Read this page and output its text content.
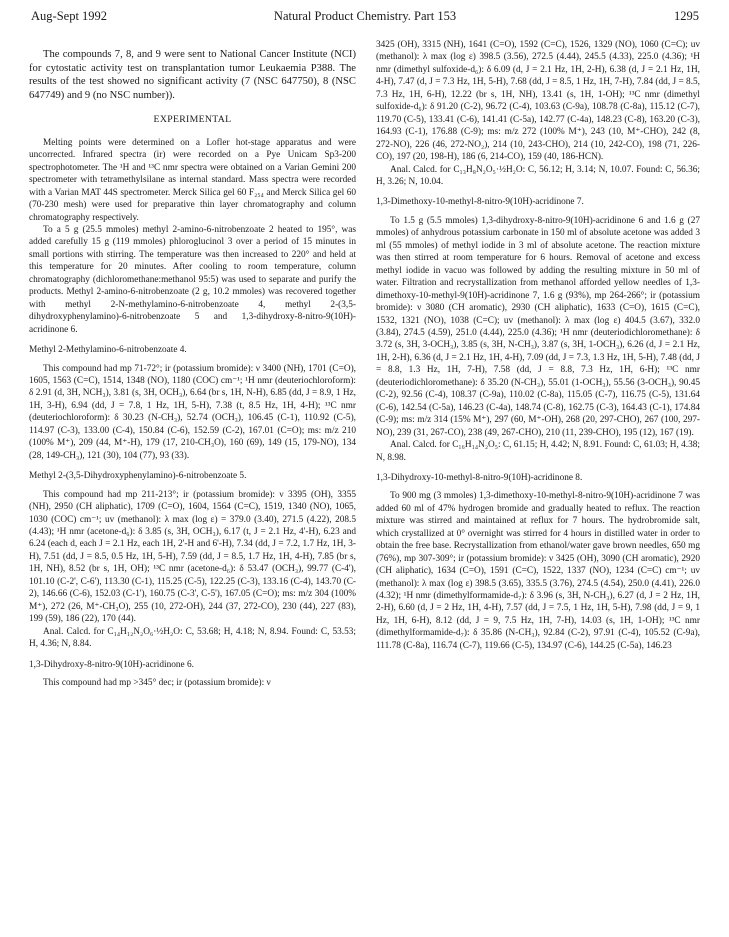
Aug-Sept 1992	Natural Product Chemistry. Part 153	1295

The compounds 7, 8, and 9 were sent to National Cancer Institute (NCI) for cytostatic activity test on transplantation tumor Leukaemia P388. The results of the test showed no significant activity (7 (NSC 647750), 8 (NSC 647749) and 9 (no NSC number)).

EXPERIMENTAL

Melting points were determined on a Lofler hot-stage apparatus and were uncorrected. Infrared spectra (ir) were recorded on a Pye Unicam Sp3-200 spectrophotometer. The ¹H and ¹³C nmr spectra were obtained on a Varian Gemini 200 spectrometer with tetramethylsilane as internal standard. Mass spectra were recorded with a Varian MAT 44S spectrometer. Merck Silica gel 60 F₂₅₄ and Merck Silica gel 60 (70-230 mesh) were used for preparative thin layer chromatography and column chromatography respectively.

To a 5 g (25.5 mmoles) methyl 2-amino-6-nitrobenzoate 2 heated to 195°, was added carefully 15 g (119 mmoles) phloroglucinol 3 over a period of 15 minutes in small portions with stirring. The temperature was then increased to 220° and held at this temperature for 20 minutes. After cooling to room temperature, column chromatography (dichloromethane:methanol 95:5) was used to separate and purify the products. Methyl 2-amino-6-nitrobenzoate (2 g, 10.2 mmoles) was recovered together with methyl 2-N-methylamino-6-nitrobenzoate 4, methyl 2-(3,5-dihydroxyphenylamino)-6-nitrobenzoate 5 and 1,3-dihydroxy-8-nitro-9(10H)-acridinone 6.

Methyl 2-Methylamino-6-nitrobenzoate 4.

This compound had mp 71-72°; ir (potassium bromide): ν 3400 (NH), 1701 (C=O), 1605, 1563 (C=C), 1514, 1348 (NO), 1180 (COC) cm⁻¹; ¹H nmr (deuteriochloroform): δ 2.91 (d, 3H, NCH₃), 3.81 (s, 3H, OCH₃), 6.64 (br s, 1H, N-H), 6.85 (dd, J = 8.9, 1 Hz, 1H, 3-H), 6.94 (dd, J = 7.8, 1 Hz, 1H, 5-H), 7.38 (t, 8.5 Hz, 1H, 4-H); ¹³C nmr (deuteriochloroform): δ 30.23 (N-CH₃), 52.74 (OCH₃), 106.45 (C-1), 110.92 (C-5), 114.97 (C-3), 133.00 (C-4), 150.84 (C-6), 152.59 (C-2), 167.01 (C=O); ms: m/z 210 (100% M⁺), 209 (44, M⁺-H), 179 (17, 210-CH₃O), 160 (69), 149 (15, 179-NO), 134 (28, 149-CH₃), 121 (30), 104 (77), 93 (33).

Methyl 2-(3,5-Dihydroxyphenylamino)-6-nitrobenzoate 5.

This compound had mp 211-213°; ir (potassium bromide): ν 3395 (OH), 3355 (NH), 2950 (CH aliphatic), 1709 (C=O), 1604, 1564 (C=C), 1519, 1340 (NO), 1065, 1030 (COC) cm⁻¹; uv (methanol): λ max (log ε) = 379.0 (3.40), 271.5 (4.22), 208.5 (4.43); ¹H nmr (acetone-d₆): δ 3.85 (s, 3H, OCH₃), 6.17 (t, J = 2.1 Hz, 4'-H), 6.23 and 6.24 (each d, each J = 2.1 Hz, each 1H, 2'-H and 6'-H), 7.34 (dd, J = 7.2, 1.7 Hz, 1H, 3-H), 7.51 (dd, J = 8.5, 0.5 Hz, 1H, 5-H), 7.59 (dd, J = 8.5, 1.7 Hz, 1H, 4-H), 7.85 (br s, 1H, NH), 8.52 (br s, 1H, OH); ¹³C nmr (acetone-d₆): δ 53.47 (OCH₃), 99.77 (C-4'), 101.10 (C-2', C-6'), 113.30 (C-1), 115.25 (C-5), 122.25 (C-3), 133.16 (C-4), 143.70 (C-2), 146.66 (C-6), 152.03 (C-1'), 160.75 (C-3', C-5'), 167.05 (C=O); ms: m/z 304 (100% M⁺), 272 (26, M⁺-CH₃O), 255 (10, 272-OH), 244 (37, 272-CO), 230 (44), 227 (83), 199 (59), 186 (22), 170 (44).

Anal. Calcd. for C₁₄H₁₂N₂O₆·½H₂O: C, 53.68; H, 4.18; N, 8.94. Found: C, 53.53; H, 4.36; N, 8.84.

1,3-Dihydroxy-8-nitro-9(10H)-acridinone 6.

This compound had mp >345° dec; ir (potassium bromide): ν

3425 (OH), 3315 (NH), 1641 (C=O), 1592 (C=C), 1526, 1329 (NO), 1060 (C=C); uv (methanol): λ max (log ε) 398.5 (3.56), 272.5 (4.44), 245.5 (4.33), 225.0 (4.36); ¹H nmr (dimethyl sulfoxide-d₆): δ 6.09 (d, J = 2.1 Hz, 1H, 2-H), 6.38 (d, J = 2.1 Hz, 1H, 4-H), 7.47 (d, J = 7.3 Hz, 1H, 5-H), 7.68 (dd, J = 8.5, 1 Hz, 1H, 7-H), 7.84 (dd, J = 8.5, 7.3 Hz, 1H, 6-H), 12.22 (br s, 1H, NH), 13.41 (s, 1H, 1-OH); ¹³C nmr (dimethyl sulfoxide-d₆): δ 91.20 (C-2), 96.72 (C-4), 103.63 (C-9a), 108.78 (C-8a), 115.12 (C-7), 119.70 (C-5), 133.41 (C-6), 141.41 (C-5a), 142.77 (C-4a), 148.23 (C-8), 163.20 (C-3), 164.93 (C-1), 176.88 (C-9); ms: m/z 272 (100% M⁺), 243 (10, M⁺-CHO), 242 (8, 272-NO), 226 (46, 272-NO₂), 214 (10, 243-CHO), 214 (10, 242-CO), 198 (71, 226-CO), 197 (20, 198-H), 186 (6, 214-CO), 159 (40, 186-HCN).

Anal. Calcd. for C₁₃H₈N₂O₅·½H₂O: C, 56.12; H, 3.14; N, 10.07. Found: C, 56.36; H, 3.26; N, 10.04.

1,3-Dimethoxy-10-methyl-8-nitro-9(10H)-acridinone 7.

To 1.5 g (5.5 mmoles) 1,3-dihydroxy-8-nitro-9(10H)-acridinone 6 and 1.6 g (27 mmoles) of anhydrous potassium carbonate in 150 ml of absolute acetone was added 3 ml (55 mmoles) of methyl iodide in 3 ml of absolute acetone. The reaction mixture was then stirred at room temperature for 6 hours. Removal of acetone and excess methyl iodide in vacuo was followed by adding the resulting mixture in 50 ml of water. Filtration and recrystallization from methanol afforded yellow needles of 1,3-dimethoxy-10-methyl-9(10H)-acridinone 7, 1.6 g (93%), mp 264-266°; ir (potassium bromide): ν 3080 (CH aromatic), 2930 (CH aliphatic), 1633 (C=O), 1615 (C=C), 1532, 1321 (NO), 1038 (C=C); uv (methanol): λ max (log ε) 404.5 (3.67), 332.0 (3.84), 274.5 (4.59), 251.0 (4.44), 225.0 (4.36); ¹H nmr (deuteriodichloromethane): δ 3.72 (s, 3H, 3-OCH₃), 3.85 (s, 3H, N-CH₃), 3.87 (s, 3H, 1-OCH₃), 6.26 (d, J = 2.1 Hz, 1H, 2-H), 6.36 (d, J = 2.1 Hz, 1H, 4-H), 7.09 (dd, J = 7.3, 1.3 Hz, 1H, 5-H), 7.48 (dd, J = 8.8, 1.3 Hz, 1H, 7-H), 7.58 (dd, J = 8.8, 7.3 Hz, 1H, 6-H); ¹³C nmr (deuteriodichloromethane): δ 35.20 (N-CH₃), 55.01 (1-OCH₃), 55.56 (3-OCH₃), 90.45 (C-2), 92.56 (C-4), 108.37 (C-9a), 110.02 (C-8a), 115.05 (C-7), 116.75 (C-5), 131.64 (C-6), 142.54 (C-5a), 146.23 (C-4a), 148.74 (C-8), 162.75 (C-3), 164.43 (C-1), 174.84 (C-9); ms: m/z 314 (15% M⁺), 297 (60, M⁺-OH), 268 (20, 297-CHO), 267 (100, 297-NO), 239 (31, 267-CO), 238 (49, 267-CHO), 210 (11, 239-CHO), 195 (12), 167 (19).

Anal. Calcd. for C₁₆H₁₄N₂O₅: C, 61.15; H, 4.42; N, 8.91. Found: C, 61.03; H, 4.38; N, 8.98.

1,3-Dihydroxy-10-methyl-8-nitro-9(10H)-acridinone 8.

To 900 mg (3 mmoles) 1,3-dimethoxy-10-methyl-8-nitro-9(10H)-acridinone 7 was added 60 ml of 47% hydrogen bromide and gradually heated to reflux. The reaction mixture was stirred and maintained at reflux for 7 hours. The hydrobromide salt, which crystallized at 0° overnight was stirred for 4 hours in distilled water in order to obtain the free base. Recrystallization from ethanol/water gave brown needles, 650 mg (76%), mp 307-309°; ir (potassium bromide): ν 3425 (OH), 3090 (CH aromatic), 2920 (CH aliphatic), 1634 (C=O), 1591 (C=C), 1522, 1337 (NO), 1234 (C=C) cm⁻¹; uv (methanol): λ max (log ε) 398.5 (3.65), 335.5 (3.76), 274.5 (4.54), 250.0 (4.41), 226.0 (4.32); ¹H nmr (dimethylformamide-d₇): δ 3.96 (s, 3H, N-CH₃), 6.27 (d, J = 2 Hz, 1H, 2-H), 6.60 (d, J = 2 Hz, 1H, 4-H), 7.57 (dd, J = 7.5, 1 Hz, 1H, 5-H), 7.98 (dd, J = 9, 1 Hz, 1H, 6-H), 8.12 (dd, J = 9, 7.5 Hz, 1H, 7-H), 14.03 (s, 1H, 1-OH); ¹³C nmr (dimethylformamide-d₇): δ 35.86 (N-CH₃), 92.84 (C-2), 97.91 (C-4), 105.52 (C-9a), 111.78 (C-8a), 116.74 (C-7), 119.66 (C-5), 134.97 (C-6), 144.25 (C-5a), 146.23
